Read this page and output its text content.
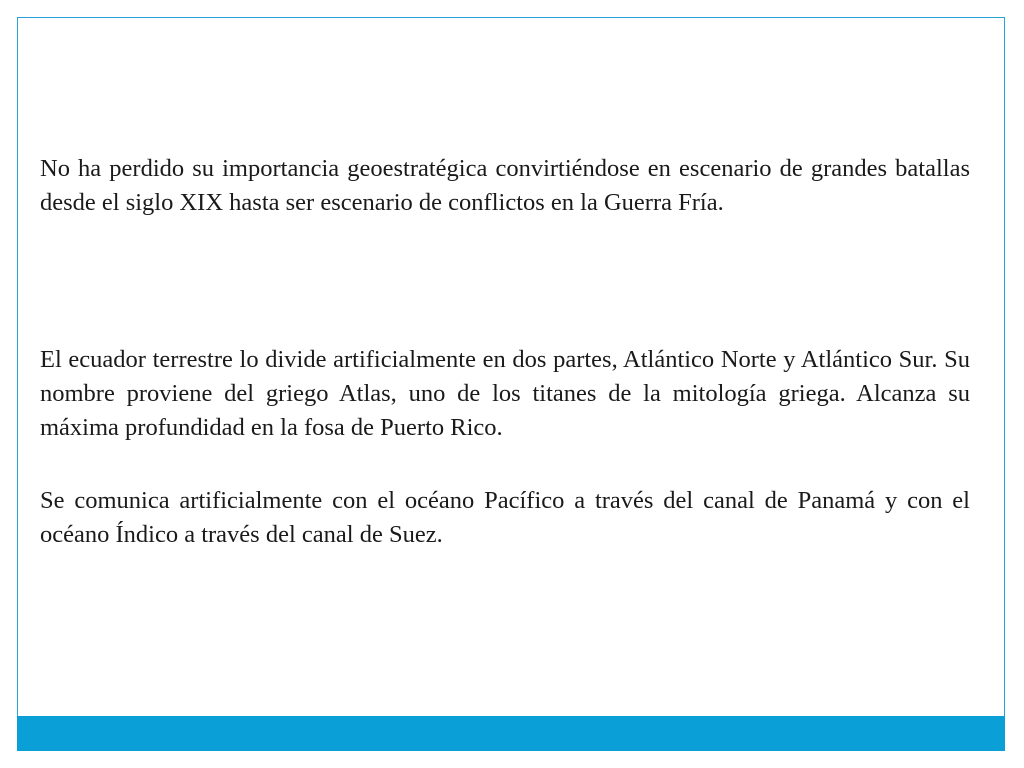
No ha perdido su importancia geoestratégica convirtiéndose en escenario de grandes batallas desde el siglo XIX hasta ser escenario de conflictos en la Guerra Fría.

El ecuador terrestre lo divide artificialmente en dos partes, Atlántico Norte y Atlántico Sur. Su nombre proviene del griego Atlas, uno de los titanes de la mitología griega. Alcanza su máxima profundidad en la fosa de Puerto Rico.

Se comunica artificialmente con el océano Pacífico a través del canal de Panamá y con el océano Índico a través del canal de Suez.
